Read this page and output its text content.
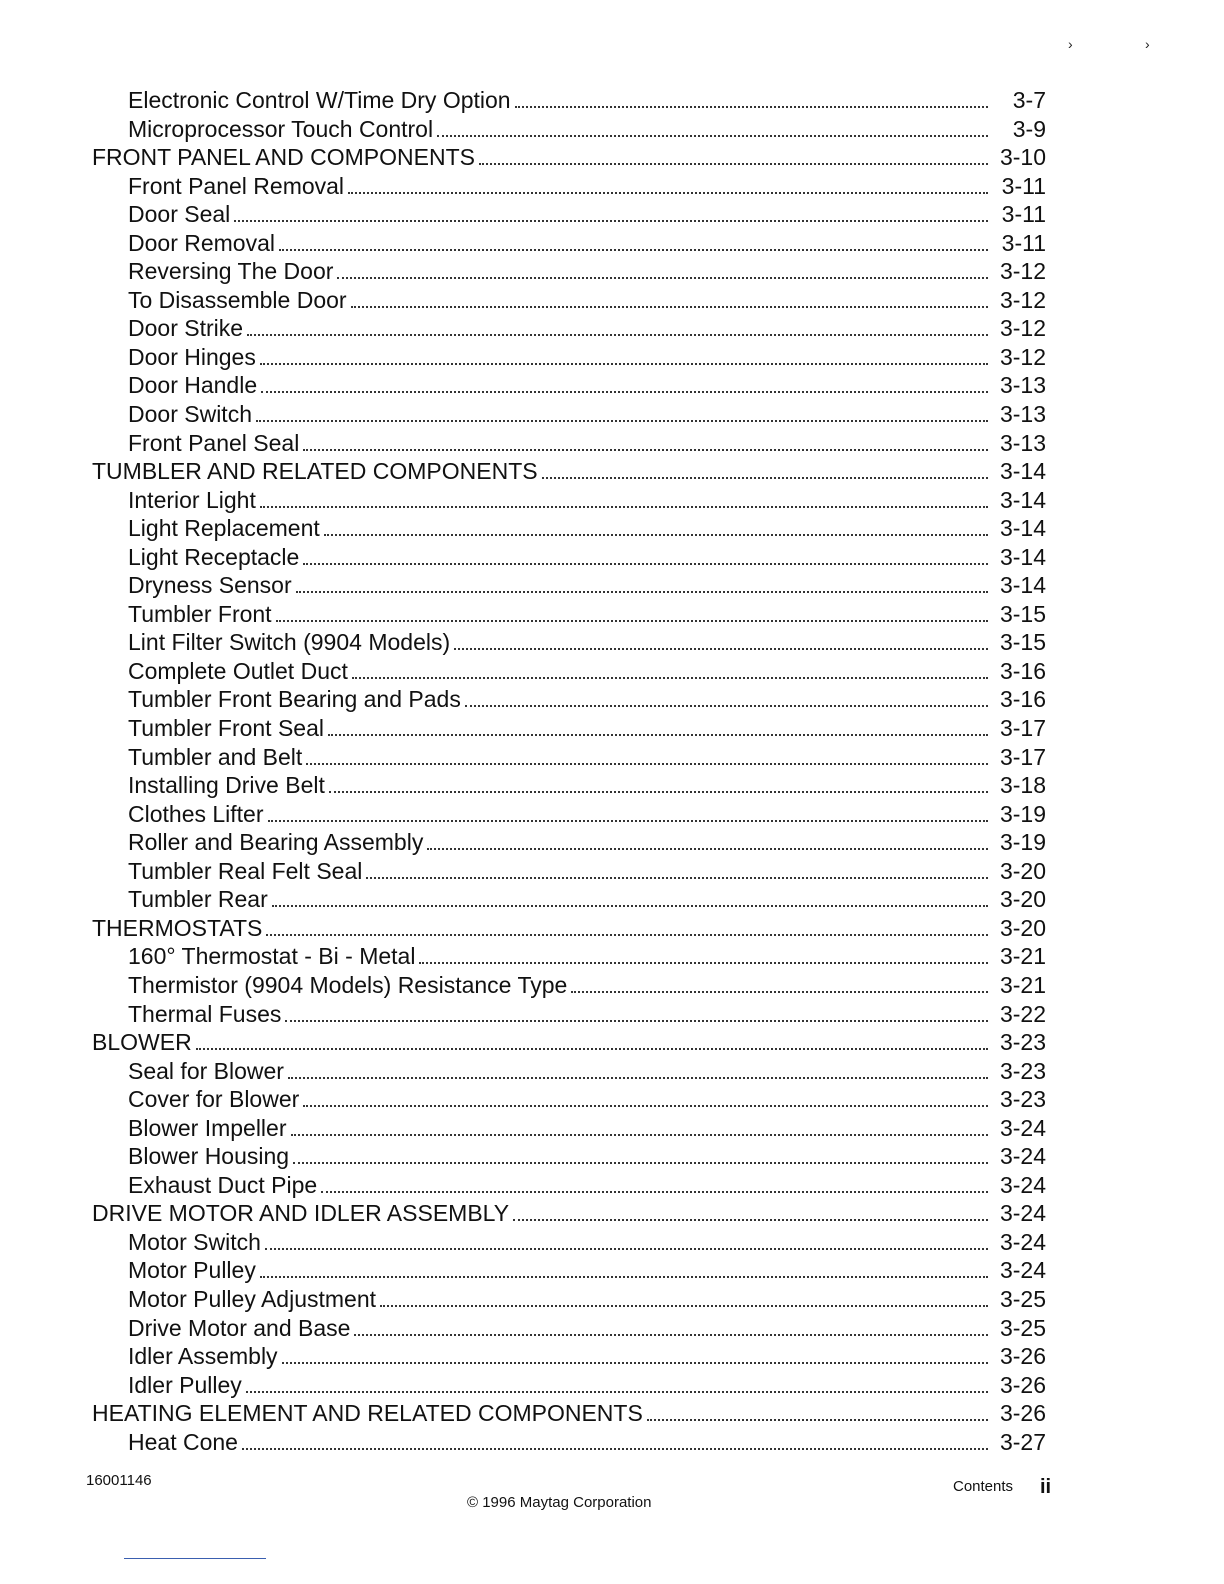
›	›
Electronic Control W/Time Dry Option	3-7
Microprocessor Touch Control	3-9
FRONT PANEL AND COMPONENTS	3-10
Front Panel Removal	3-11
Door Seal	3-11
Door Removal	3-11
Reversing The Door	3-12
To Disassemble Door	3-12
Door Strike	3-12
Door Hinges	3-12
Door Handle	3-13
Door Switch	3-13
Front Panel Seal	3-13
TUMBLER AND RELATED COMPONENTS	3-14
Interior Light	3-14
Light Replacement	3-14
Light Receptacle	3-14
Dryness Sensor	3-14
Tumbler Front	3-15
Lint Filter Switch (9904 Models)	3-15
Complete Outlet Duct	3-16
Tumbler Front Bearing and Pads	3-16
Tumbler Front Seal	3-17
Tumbler and Belt	3-17
Installing Drive Belt	3-18
Clothes Lifter	3-19
Roller and Bearing Assembly	3-19
Tumbler Real Felt Seal	3-20
Tumbler Rear	3-20
THERMOSTATS	3-20
160° Thermostat - Bi - Metal	3-21
Thermistor (9904 Models) Resistance Type	3-21
Thermal Fuses	3-22
BLOWER	3-23
Seal for Blower	3-23
Cover for Blower	3-23
Blower Impeller	3-24
Blower Housing	3-24
Exhaust Duct Pipe	3-24
DRIVE MOTOR AND IDLER ASSEMBLY	3-24
Motor Switch	3-24
Motor Pulley	3-24
Motor Pulley Adjustment	3-25
Drive Motor and Base	3-25
Idler Assembly	3-26
Idler Pulley	3-26
HEATING ELEMENT AND RELATED COMPONENTS	3-26
Heat Cone	3-27
16001146
© 1996 Maytag Corporation
Contents ii
